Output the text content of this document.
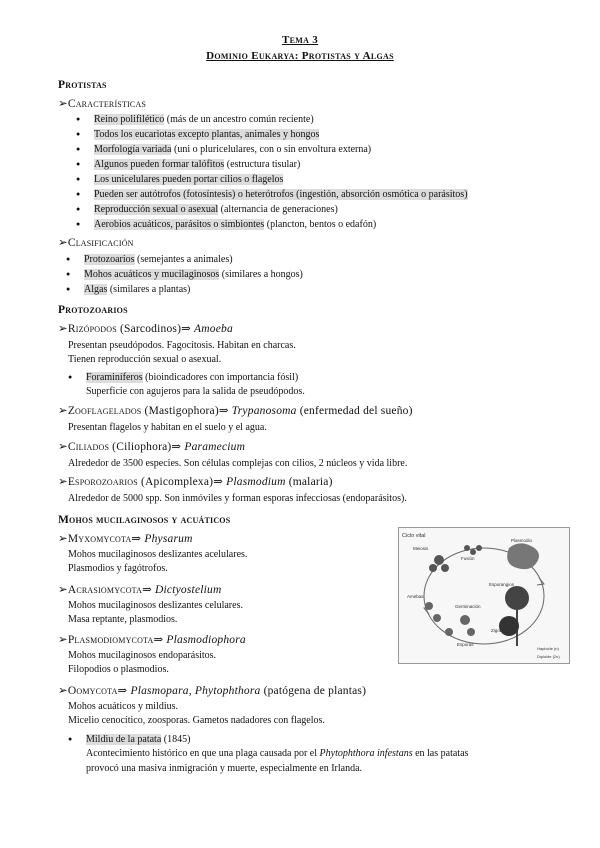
Tema 3
Dominio Eukarya: Protistas y Algas
Protistas
➢Características
● Reino polifilético (más de un ancestro común reciente)
● Todos los eucariotas excepto plantas, animales y hongos
● Morfología variada (uni o pluricelulares, con o sin envoltura externa)
● Algunos pueden formar talófitos (estructura tisular)
● Los unicelulares pueden portar cilios o flagelos
● Pueden ser autótrofos (fotosíntesis) o heterótrofos (ingestión, absorción osmótica o parásitos)
● Reproducción sexual o asexual (alternancia de generaciones)
● Aerobios acuáticos, parásitos o simbiontes (plancton, bentos o edafón)
➢Clasificación
● Protozoarios (semejantes a animales)
● Mohos acuáticos y mucilaginosos (similares a hongos)
● Algas (similares a plantas)
Protozoarios
➢Rizópodos (Sarcodinos)⇒ Amoeba
Presentan pseudópodos. Fagocitosis. Habitan en charcas.
Tienen reproducción sexual o asexual.
● Foraminíferos (bioindicadores con importancia fósil)
Superficie con agujeros para la salida de pseudópodos.
➢Zooflagelados (Mastigophora)⇒ Trypanosoma (enfermedad del sueño)
Presentan flagelos y habitan en el suelo y el agua.
➢Ciliados (Ciliophora)⇒ Paramecium
Alrededor de 3500 especies. Son células complejas con cilios, 2 núcleos y vida libre.
➢Esporozoarios (Apicomplexa)⇒ Plasmodium (malaria)
Alrededor de 5000 spp. Son inmóviles y forman esporas infecciosas (endoparásitos).
Mohos mucilaginosos y acuáticos
➢Myxomycota⇒ Physarum
Mohos mucilaginosos deslizantes acelulares.
Plasmodios y fagótrofos.
➢Acrasiomycota⇒ Dictyostelium
Mohos mucilaginosos deslizantes celulares.
Masa reptante, plasmodios.
➢Plasmodiomycota⇒ Plasmodiophora
Mohos mucilaginosos endoparásitos.
Filopodios o plasmodios.
➢Oomycota⇒ Plasmopara, Phytophthora (patógena de plantas)
Mohos acuáticos y mildius.
Micelio cenocítico, zoosporas. Gametos nadadores con flagelos.
● Mildiu de la patata (1845)
Acontecimiento histórico en que una plaga causada por el Phytophthora infestans en las patatas
provocó una masiva inmigración y muerte, especialmente en Irlanda.
Ciclo vital
Meiosis
Fusión
Zigoto
Plasmodio
Esporangios
Esporas
Amebas
Germinación
Haploide (n)
Diploide (2n)
